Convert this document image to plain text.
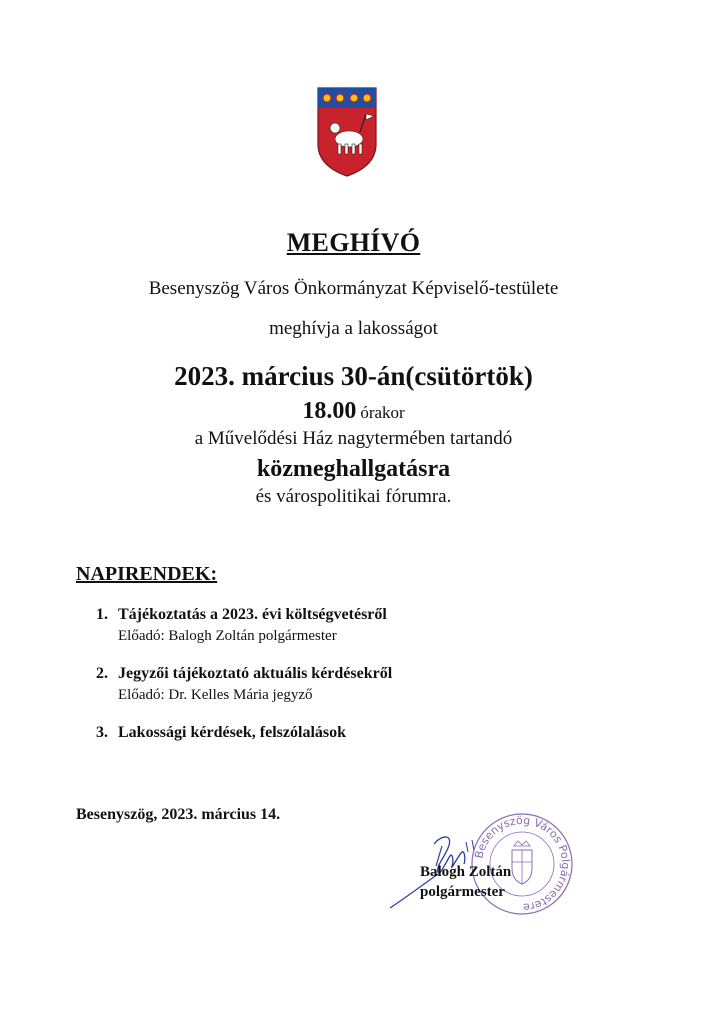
MEGHÍVÓ
Besenyszög Város Önkormányzat Képviselő-testülete
meghívja a lakosságot
2023. március 30-án(csütörtök)
18.00 órakor
a Művelődési Ház nagytermében tartandó
közmeghallgatásra
és várospolitikai fórumra.
NAPIRENDEK:
1. Tájékoztatás a 2023. évi költségvetésről
Előadó: Balogh Zoltán polgármester
2. Jegyzői tájékoztató aktuális kérdésekről
Előadó: Dr. Kelles Mária jegyző
3. Lakossági kérdések, felszólalások
Besenyszög, 2023. március 14.
Besenyszög Város Polgármestere
Balogh Zoltán
polgármester
